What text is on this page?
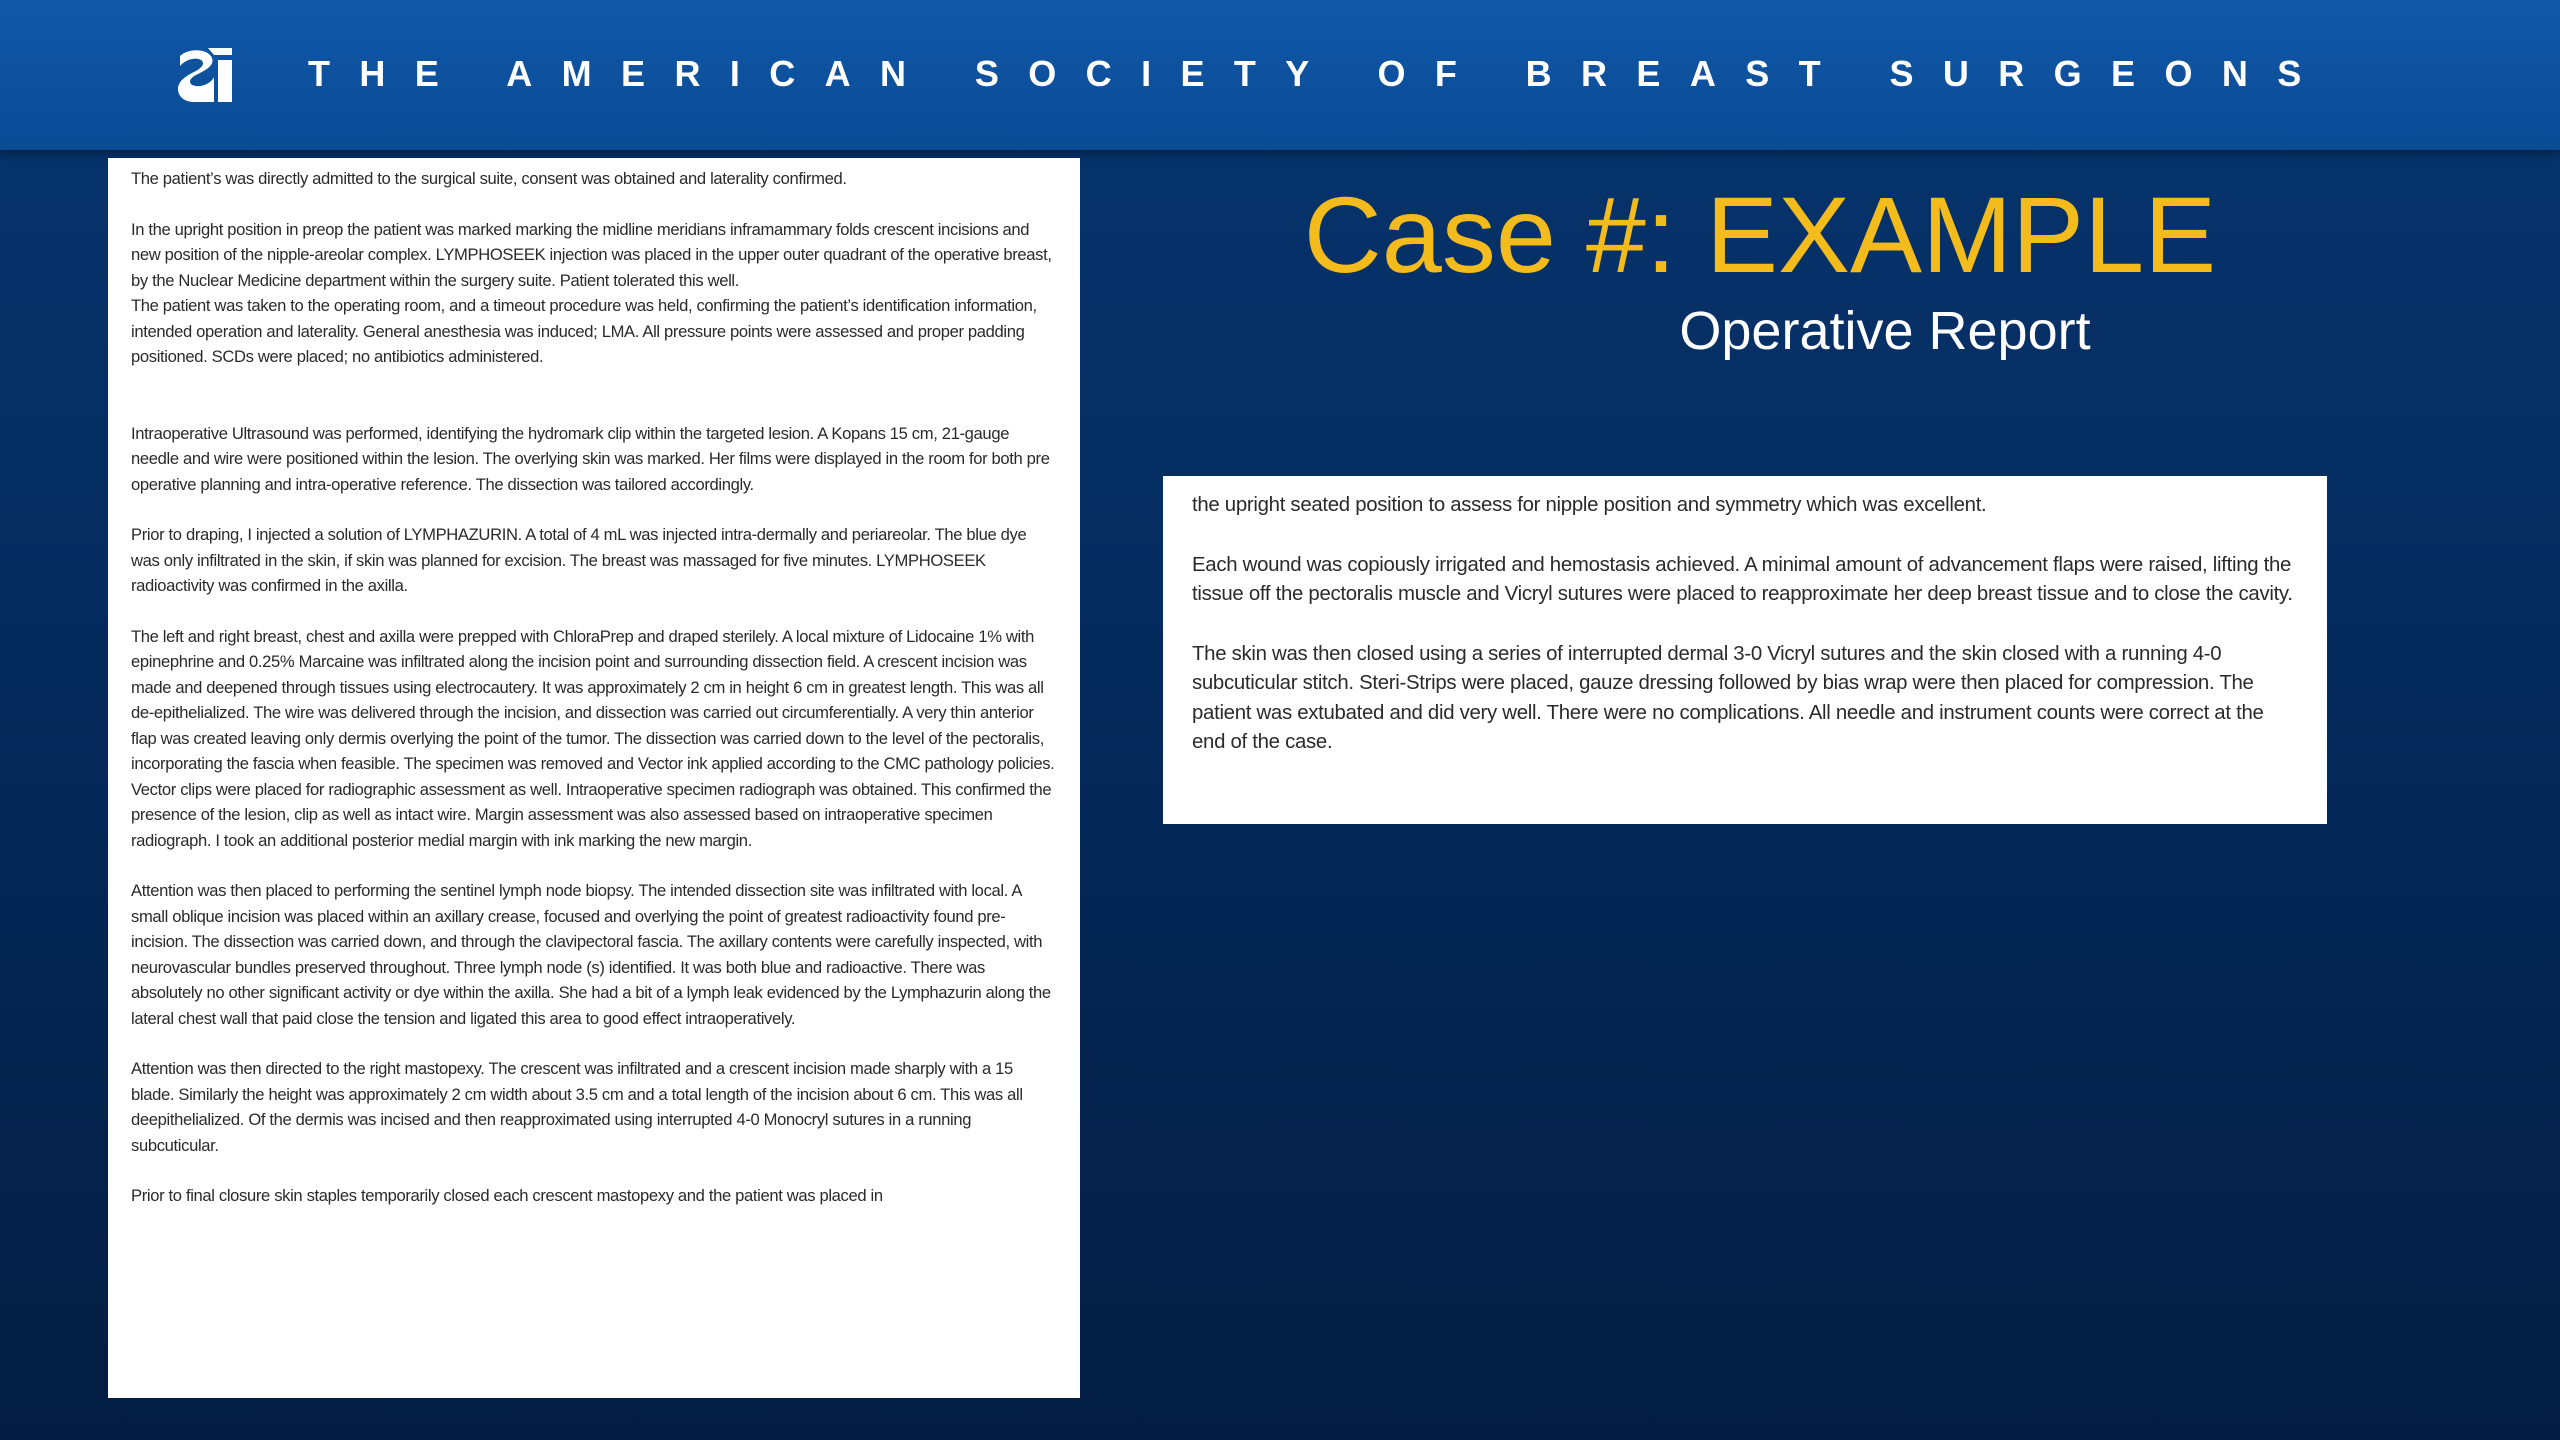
THE AMERICAN SOCIETY OF BREAST SURGEONS

The patient’s was directly admitted to the surgical suite, consent was obtained and laterality confirmed.

In the upright position in preop the patient was marked marking the midline meridians inframammary folds crescent incisions and new position of the nipple-areolar complex. LYMPHOSEEK injection was placed in the upper outer quadrant of the operative breast, by the Nuclear Medicine department within the surgery suite. Patient tolerated this well.

The patient was taken to the operating room, and a timeout procedure was held, confirming the patient’s identification information, intended operation and laterality. General anesthesia was induced; LMA. All pressure points were assessed and proper padding positioned. SCDs were placed; no antibiotics administered.

Intraoperative Ultrasound was performed, identifying the hydromark clip within the targeted lesion. A Kopans 15 cm, 21-gauge needle and wire were positioned within the lesion. The overlying skin was marked. Her films were displayed in the room for both pre operative planning and intra-operative reference. The dissection was tailored accordingly.

Prior to draping, I injected a solution of LYMPHAZURIN. A total of 4 mL was injected intra-dermally and periareolar. The blue dye was only infiltrated in the skin, if skin was planned for excision. The breast was massaged for five minutes. LYMPHOSEEK radioactivity was confirmed in the axilla.

The left and right breast, chest and axilla were prepped with ChloraPrep and draped sterilely. A local mixture of Lidocaine 1% with epinephrine and 0.25% Marcaine was infiltrated along the incision point and surrounding dissection field. A crescent incision was made and deepened through tissues using electrocautery. It was approximately 2 cm in height 6 cm in greatest length. This was all de-epithelialized. The wire was delivered through the incision, and dissection was carried out circumferentially. A very thin anterior flap was created leaving only dermis overlying the point of the tumor. The dissection was carried down to the level of the pectoralis, incorporating the fascia when feasible. The specimen was removed and Vector ink applied according to the CMC pathology policies. Vector clips were placed for radiographic assessment as well. Intraoperative specimen radiograph was obtained. This confirmed the presence of the lesion, clip as well as intact wire. Margin assessment was also assessed based on intraoperative specimen radiograph. I took an additional posterior medial margin with ink marking the new margin.

Attention was then placed to performing the sentinel lymph node biopsy. The intended dissection site was infiltrated with local. A small oblique incision was placed within an axillary crease, focused and overlying the point of greatest radioactivity found pre-incision. The dissection was carried down, and through the clavipectoral fascia. The axillary contents were carefully inspected, with neurovascular bundles preserved throughout. Three lymph node (s) identified. It was both blue and radioactive. There was absolutely no other significant activity or dye within the axilla. She had a bit of a lymph leak evidenced by the Lymphazurin along the lateral chest wall that paid close the tension and ligated this area to good effect intraoperatively.

Attention was then directed to the right mastopexy. The crescent was infiltrated and a crescent incision made sharply with a 15 blade. Similarly the height was approximately 2 cm width about 3.5 cm and a total length of the incision about 6 cm. This was all deepithelialized. Of the dermis was incised and then reapproximated using interrupted 4-0 Monocryl sutures in a running subcuticular.

Prior to final closure skin staples temporarily closed each crescent mastopexy and the patient was placed in

Case #: EXAMPLE
Operative Report

the upright seated position to assess for nipple position and symmetry which was excellent.

Each wound was copiously irrigated and hemostasis achieved. A minimal amount of advancement flaps were raised, lifting the tissue off the pectoralis muscle and Vicryl sutures were placed to reapproximate her deep breast tissue and to close the cavity.

The skin was then closed using a series of interrupted dermal 3-0 Vicryl sutures and the skin closed with a running 4-0 subcuticular stitch. Steri-Strips were placed, gauze dressing followed by bias wrap were then placed for compression. The patient was extubated and did very well. There were no complications. All needle and instrument counts were correct at the end of the case.
